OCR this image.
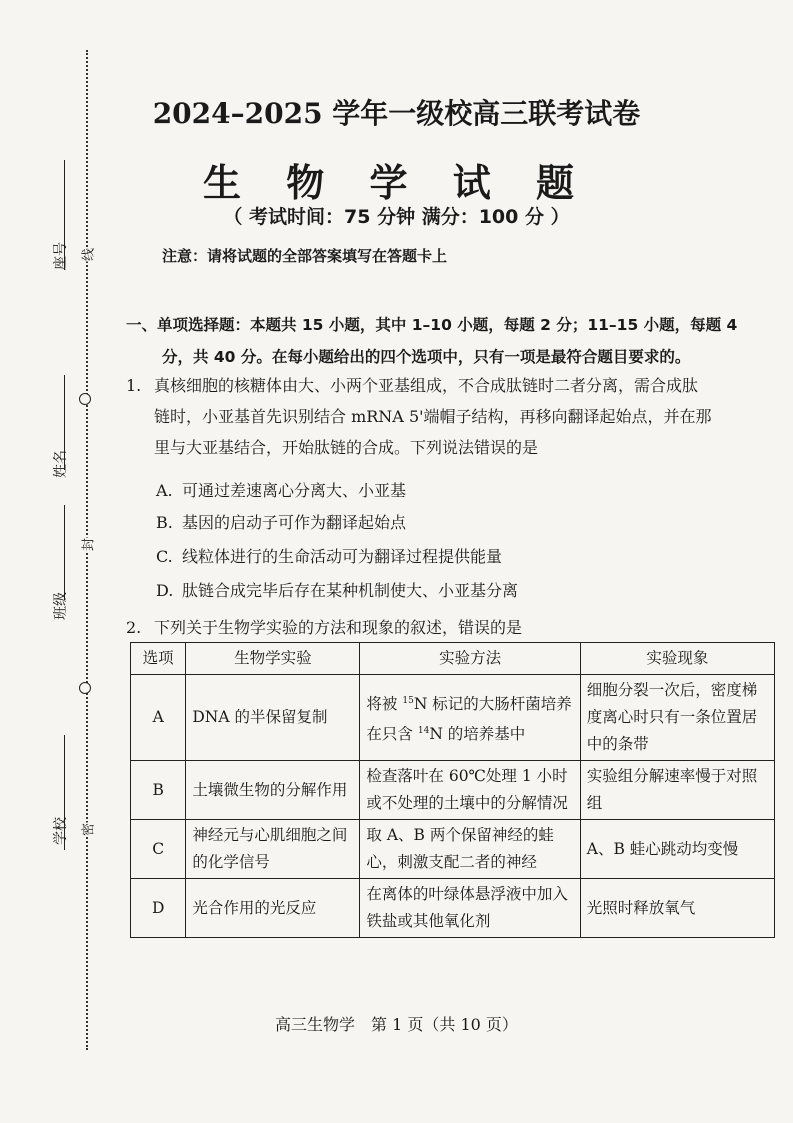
座号
姓名
班级
学校
线
封
密
2024–2025 学年一级校高三联考试卷
生 物 学 试 题
（ 考试时间：75 分钟 满分：100 分 ）
注意：请将试题的全部答案填写在答题卡上
一、单项选择题：本题共 15 小题，其中 1–10 小题，每题 2 分；11–15 小题，每题 4
分，共 40 分。在每小题给出的四个选项中，只有一项是最符合题目要求的。
1. 真核细胞的核糖体由大、小两个亚基组成，不合成肽链时二者分离，需合成肽
链时，小亚基首先识别结合 mRNA 5'端帽子结构，再移向翻译起始点，并在那
里与大亚基结合，开始肽链的合成。下列说法错误的是
A. 可通过差速离心分离大、小亚基
B. 基因的启动子可作为翻译起始点
C. 线粒体进行的生命活动可为翻译过程提供能量
D. 肽链合成完毕后存在某种机制使大、小亚基分离
2. 下列关于生物学实验的方法和现象的叙述，错误的是
选项	生物学实验	实验方法	实验现象
A	DNA 的半保留复制	将被 $^{15}$N 标记的大肠杆菌培养在只含 $^{14}$N 的培养基中	细胞分裂一次后，密度梯度离心时只有一条位置居中的条带
B	土壤微生物的分解作用	检查落叶在 60℃处理 1 小时或不处理的土壤中的分解情况	实验组分解速率慢于对照组
C	神经元与心肌细胞之间的化学信号	取 A、B 两个保留神经的蛙心，刺激支配二者的神经	A、B 蛙心跳动均变慢
D	光合作用的光反应	在离体的叶绿体悬浮液中加入铁盐或其他氧化剂	光照时释放氧气
高三生物学　第 1 页（共 10 页）
